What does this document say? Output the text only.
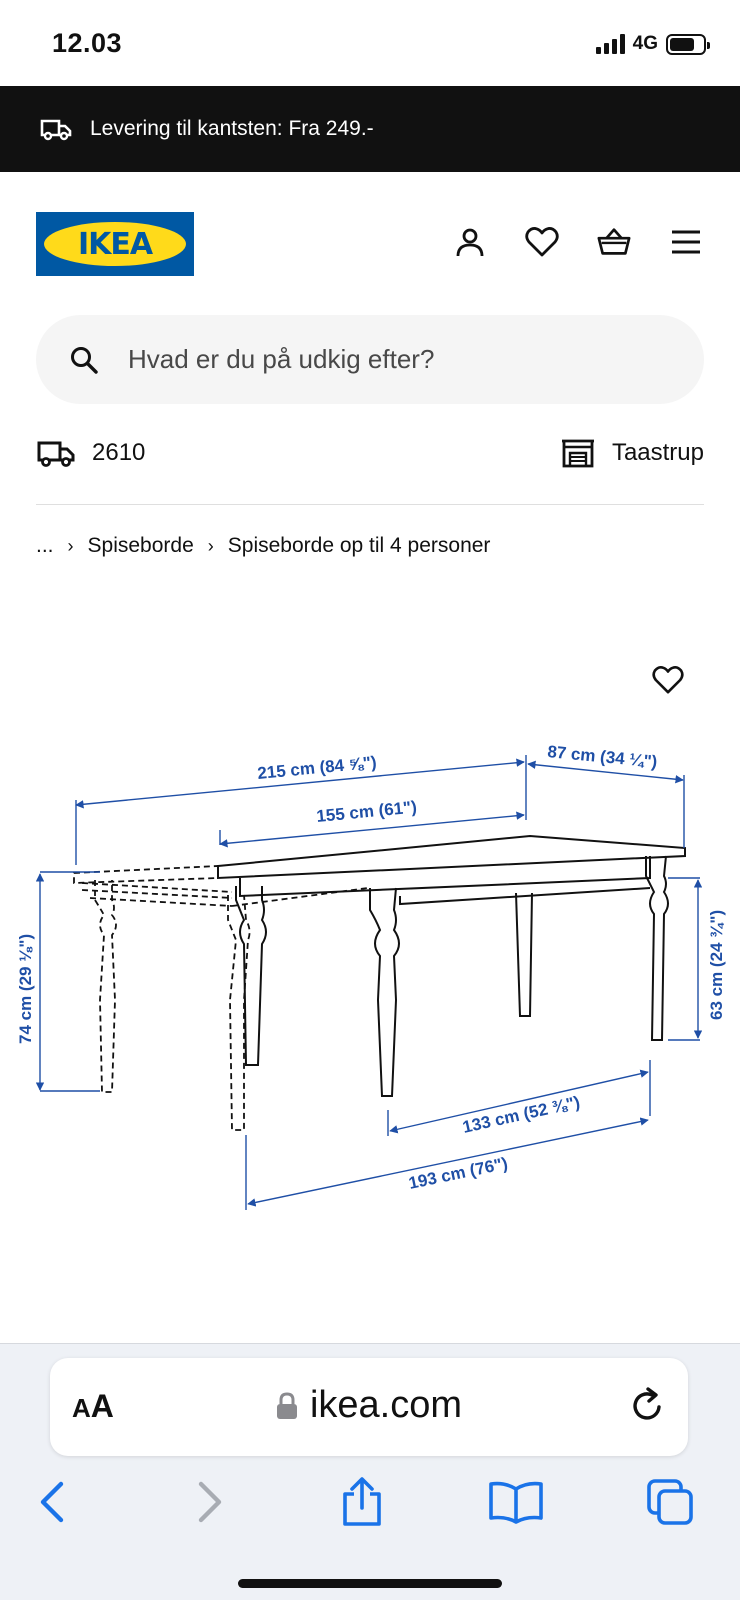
12.03	4G
Levering til kantsten: Fra 249.-
IKEA
Hvad er du på udkig efter?
2610	Taastrup
... › Spiseborde › Spiseborde op til 4 personer
215 cm (84 ⅝")
155 cm (61")
87 cm (34 ¼")
74 cm (29 ⅛")	63 cm (24 ¾")
133 cm (52 ⅜")
193 cm (76")
AA	ikea.com
